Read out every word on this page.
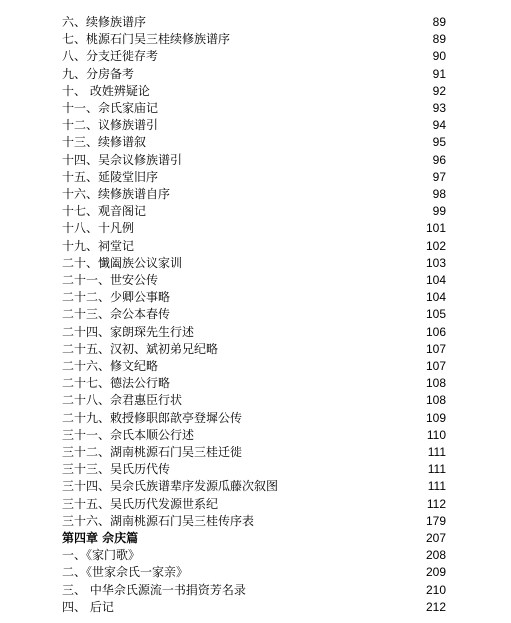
六、续修族谱序	89
七、桃源石门吴三桂续修族谱序	89
八、分支迁徙存考	90
九、分房备考	91
十、 改姓辨疑论	92
十一、佘氏家庙记	93
十二、议修族谱引	94
十三、续修谱叙	95
十四、吴佘议修族谱引	96
十五、延陵堂旧序	97
十六、续修族谱自序	98
十七、观音阁记	99
十八、十凡例	101
十九、祠堂记	102
二十、懴阖族公议家训	103
二十一、世安公传	104
二十二、少卿公事略	104
二十三、佘公本春传	105
二十四、家朗琛先生行述	106
二十五、汉初、斌初弟兄纪略	107
二十六、修文纪略	107
二十七、德法公行略	108
二十八、佘君惠臣行状	108
二十九、敕授修职郎歆亭登墀公传	109
三十一、佘氏本顺公行述	110
三十二、湖南桃源石门吴三桂迁徙	111
三十三、吴氏历代传	111
三十四、吴佘氏族谱辈序发源瓜藤次叙图	111
三十五、吴氏历代发源世系纪	112
三十六、湖南桃源石门吴三桂传序表	179
第四章 佘庆篇	207
一、《家门歌》	208
二、《世家佘氏一家亲》	209
三、 中华佘氏源流一书捐资芳名录	210
四、 后记	212
